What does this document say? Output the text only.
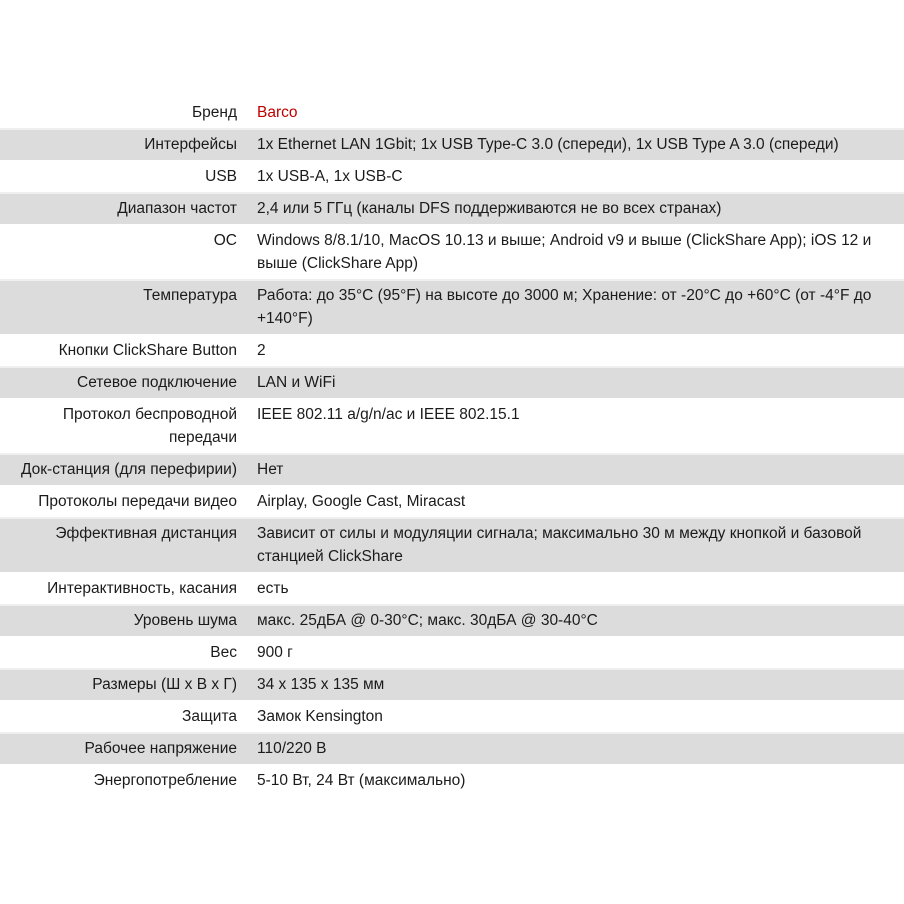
Бренд Barco
Интерфейсы 1x Ethernet LAN 1Gbit; 1x USB Type-C 3.0 (спереди), 1x USB Type A 3.0 (спереди)
USB 1x USB-A, 1x USB-C
Диапазон частот 2,4 или 5 ГГц (каналы DFS поддерживаются не во всех странах)
ОС Windows 8/8.1/10, MacOS 10.13 и выше; Android v9 и выше (ClickShare App); iOS 12 и выше (ClickShare App)
Температура Работа: до 35°C (95°F) на высоте до 3000 м; Хранение: от -20°C до +60°C (от -4°F до +140°F)
Кнопки ClickShare Button 2
Сетевое подключение LAN и WiFi
Протокол беспроводной передачи
IEEE 802.11 a/g/n/ac и IEEE 802.15.1
Док-станция (для перефирии) Нет
Протоколы передачи видео Airplay, Google Cast, Miracast
Эффективная дистанция Зависит от силы и модуляции сигнала; максимально 30 м между кнопкой и базовой станцией ClickShare
Интерактивность, касания есть
Уровень шума макс. 25дБА @ 0-30°C; макс. 30дБА @ 30-40°C
Вес 900 г
Размеры (Ш x В x Г) 34 x 135 x 135 мм
Защита Замок Kensington
Рабочее напряжение 110/220 В
Энергопотребление 5-10 Вт, 24 Вт (максимально)
